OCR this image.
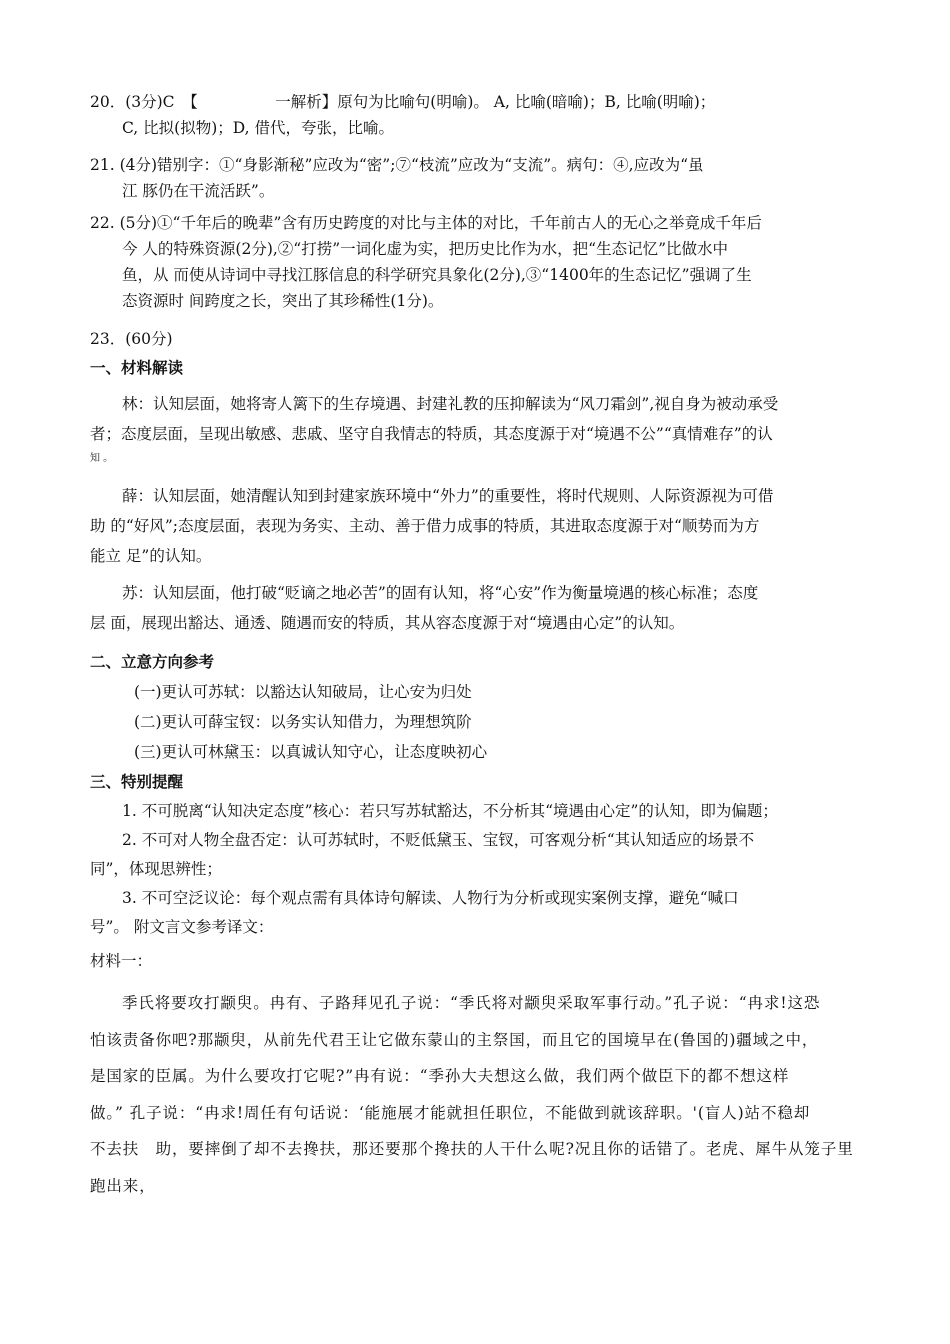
20．(3分)C　【　　　　　一解析】原句为比喻句(明喻)。 A, 比喻(暗喻)；B, 比喻(明喻)；
C, 比拟(拟物)；D, 借代，夸张，比喻。
21. (4分)错别字：①“身影渐秘”应改为“密”;⑦“枝流”应改为“支流”。病句：④,应改为“虽
江 豚仍在干流活跃”。
22. (5分)①“千年后的晚辈”含有历史跨度的对比与主体的对比，千年前古人的无心之举竟成千年后
今 人的特殊资源(2分),②“打捞”一词化虚为实，把历史比作为水，把“生态记忆”比做水中
鱼，从 而使从诗词中寻找江豚信息的科学研究具象化(2分),③“1400年的生态记忆”强调了生
态资源时 间跨度之长，突出了其珍稀性(1分)。
23．(60分)
一、材料解读
林：认知层面，她将寄人篱下的生存境遇、封建礼教的压抑解读为“风刀霜剑”,视自身为被动承受
者；态度层面，呈现出敏感、悲戚、坚守自我情志的特质，其态度源于对“境遇不公”“真情难存”的认
知 。
薛：认知层面，她清醒认知到封建家族环境中“外力”的重要性，将时代规则、人际资源视为可借
助 的“好风”;态度层面，表现为务实、主动、善于借力成事的特质，其进取态度源于对“顺势而为方
能立 足”的认知。
苏：认知层面，他打破“贬谪之地必苦”的固有认知，将“心安”作为衡量境遇的核心标准；态度
层 面，展现出豁达、通透、随遇而安的特质，其从容态度源于对“境遇由心定”的认知。
二、立意方向参考
(一)更认可苏轼：以豁达认知破局，让心安为归处
(二)更认可薛宝钗：以务实认知借力，为理想筑阶
(三)更认可林黛玉：以真诚认知守心，让态度映初心
三、特别提醒
1. 不可脱离“认知决定态度”核心：若只写苏轼豁达，不分析其“境遇由心定”的认知，即为偏题；
2. 不可对人物全盘否定：认可苏轼时，不贬低黛玉、宝钗，可客观分析“其认知适应的场景不
同”，体现思辨性；
3. 不可空泛议论：每个观点需有具体诗句解读、人物行为分析或现实案例支撑，避免“喊口
号”。 附文言文参考译文：
材料一：
季氏将要攻打颛臾。冉有、子路拜见孔子说：“季氏将对颛臾采取军事行动。”孔子说：“冉求!这恐
怕该责备你吧?那颛臾，从前先代君王让它做东蒙山的主祭国，而且它的国境早在(鲁国的)疆域之中，
是国家的臣属。为什么要攻打它呢?”冉有说：“季孙大夫想这么做，我们两个做臣下的都不想这样
做。” 孔子说：“冉求!周任有句话说：‘能施展才能就担任职位，不能做到就该辞职。'(盲人)站不稳却
不去扶　助，要摔倒了却不去搀扶，那还要那个搀扶的人干什么呢?况且你的话错了。老虎、犀牛从笼子里
跑出来，
